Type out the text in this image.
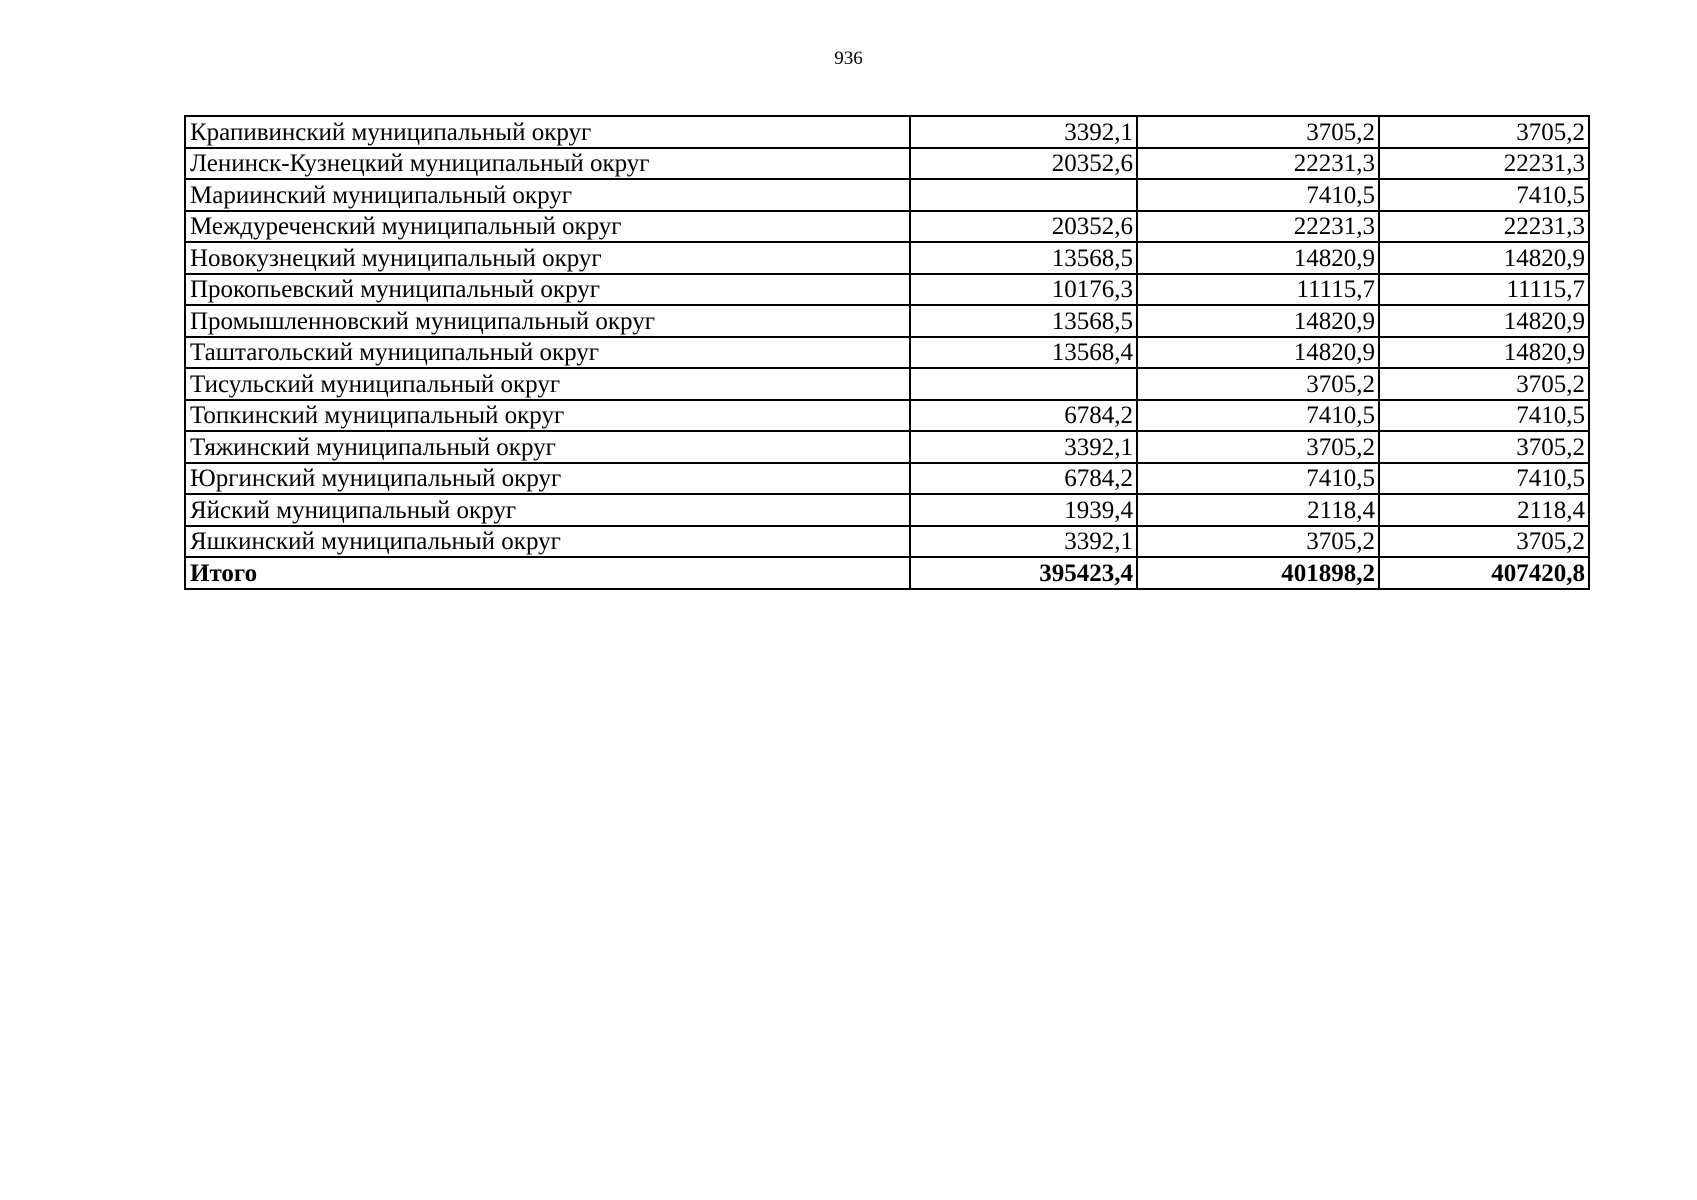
936
Крапивинский муниципальный округ	3392,1	3705,2	3705,2
Ленинск-Кузнецкий муниципальный округ	20352,6	22231,3	22231,3
Мариинский муниципальный округ		7410,5	7410,5
Междуреченский муниципальный округ	20352,6	22231,3	22231,3
Новокузнецкий муниципальный округ	13568,5	14820,9	14820,9
Прокопьевский муниципальный округ	10176,3	11115,7	11115,7
Промышленновский муниципальный округ	13568,5	14820,9	14820,9
Таштагольский муниципальный округ	13568,4	14820,9	14820,9
Тисульский муниципальный округ		3705,2	3705,2
Топкинский муниципальный округ	6784,2	7410,5	7410,5
Тяжинский муниципальный округ	3392,1	3705,2	3705,2
Юргинский муниципальный округ	6784,2	7410,5	7410,5
Яйский муниципальный округ	1939,4	2118,4	2118,4
Яшкинский муниципальный округ	3392,1	3705,2	3705,2
Итого	395423,4	401898,2	407420,8
